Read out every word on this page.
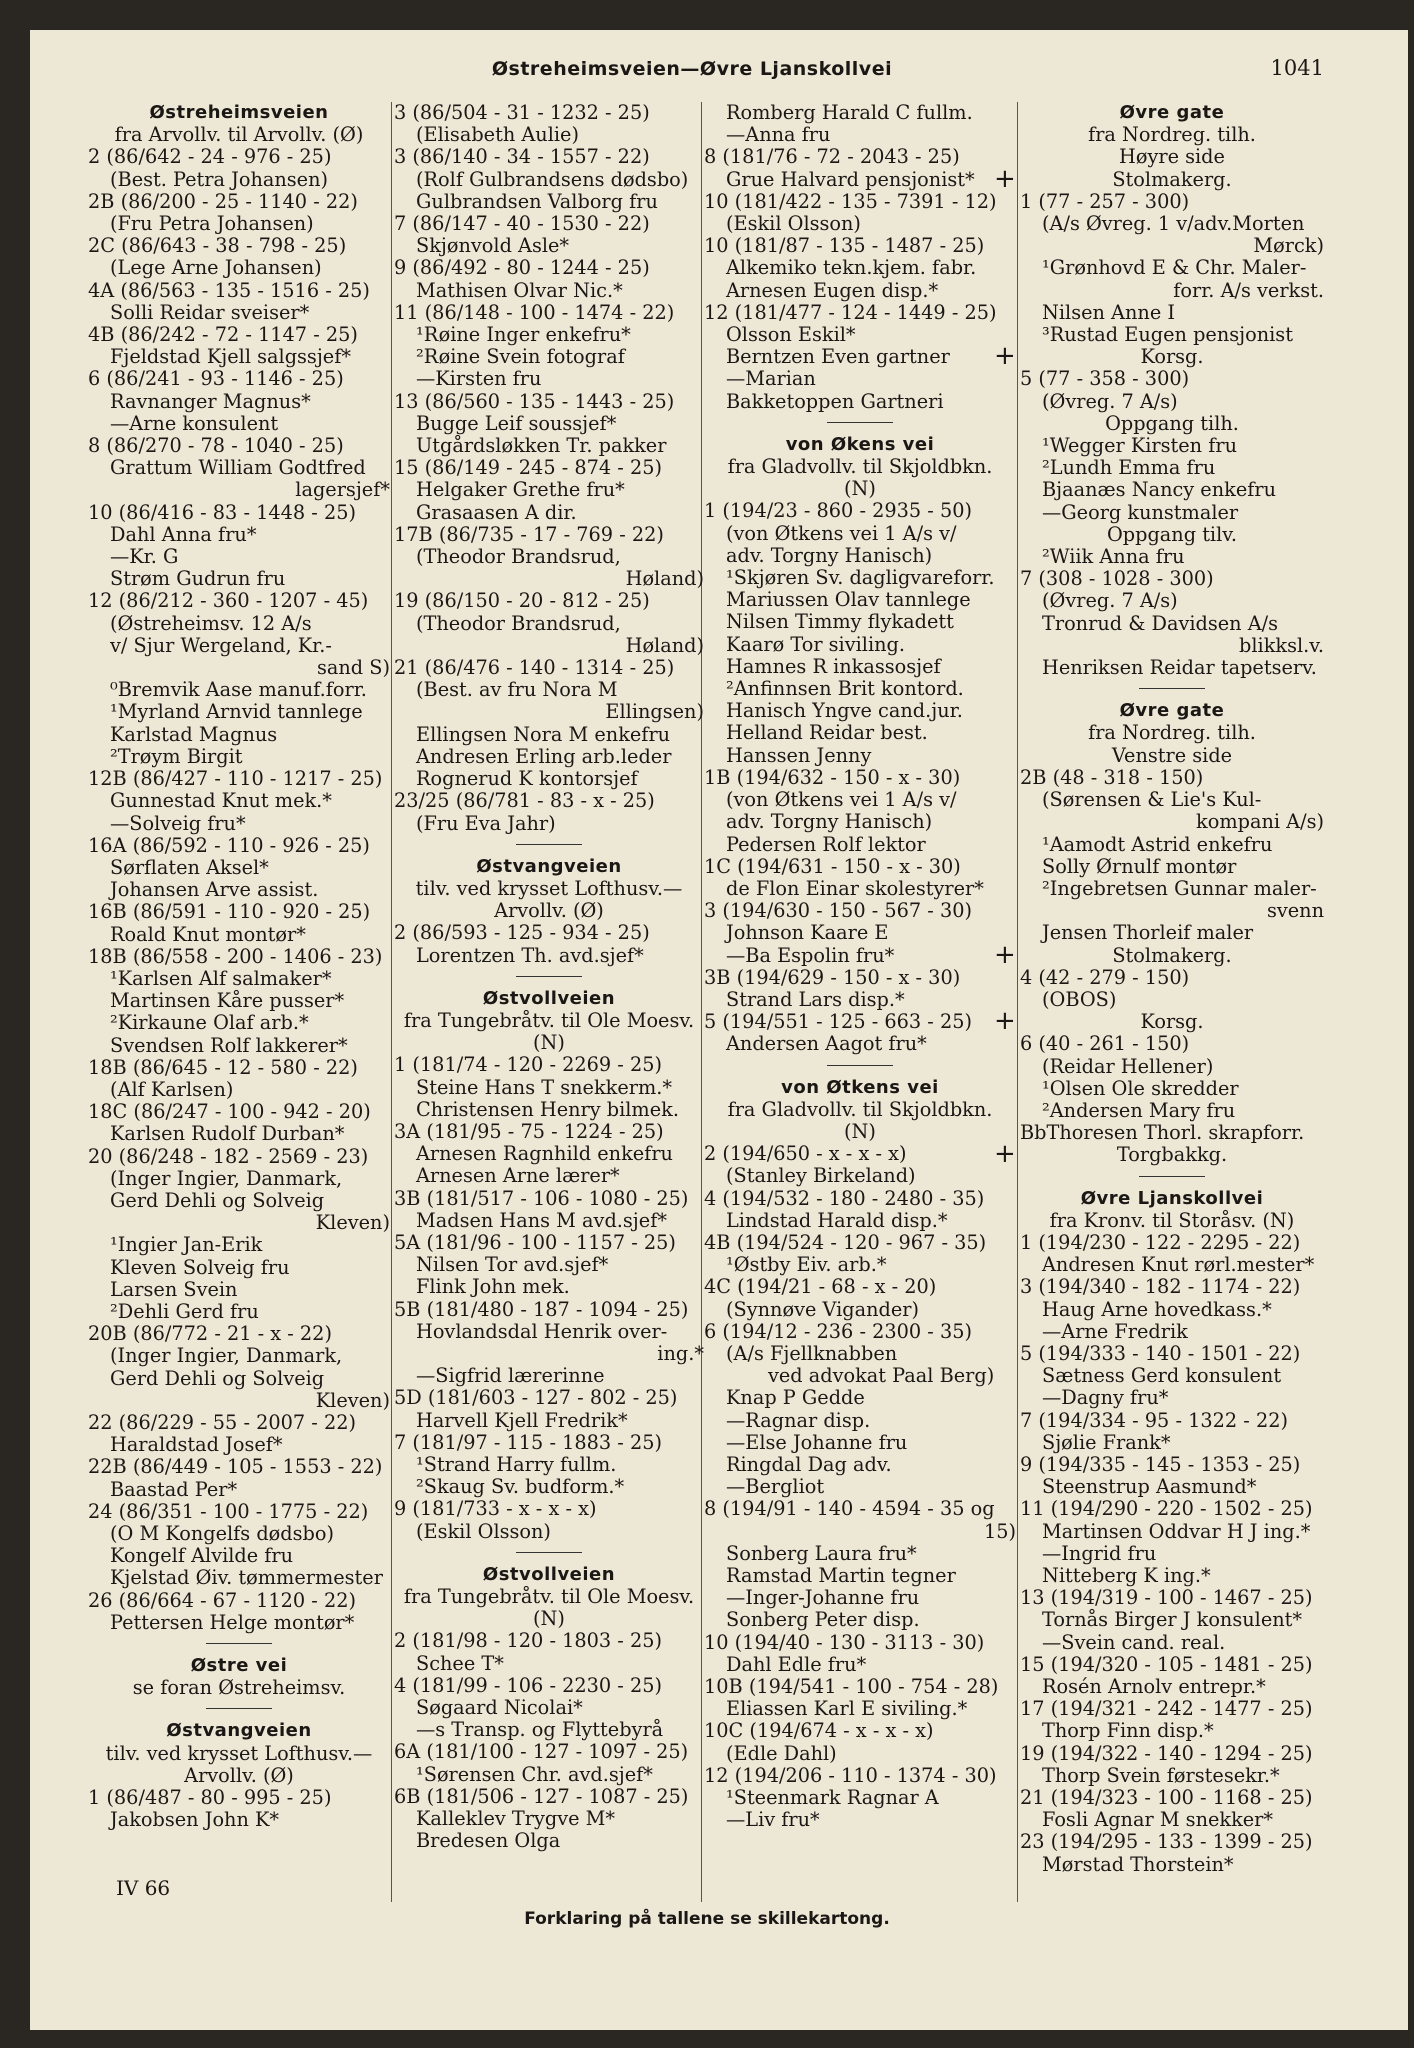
Østreheimsveien—Øvre Ljanskollvei	1041
Østreheimsveien
fra Arvollv. til Arvollv. (Ø)
2 (86/642 - 24 - 976 - 25)
(Best. Petra Johansen)
2B (86/200 - 25 - 1140 - 22)
(Fru Petra Johansen)
2C (86/643 - 38 - 798 - 25)
(Lege Arne Johansen)
4A (86/563 - 135 - 1516 - 25)
Solli Reidar sveiser*
4B (86/242 - 72 - 1147 - 25)
Fjeldstad Kjell salgssjef*
6 (86/241 - 93 - 1146 - 25)
Ravnanger Magnus*
—Arne konsulent
8 (86/270 - 78 - 1040 - 25)
Grattum William Godtfred
lagersjef*
10 (86/416 - 83 - 1448 - 25)
Dahl Anna fru*
—Kr. G
Strøm Gudrun fru
12 (86/212 - 360 - 1207 - 45)
(Østreheimsv. 12 A/s
v/ Sjur Wergeland, Kr.-
sand S)
⁰Bremvik Aase manuf.forr.
¹Myrland Arnvid tannlege
Karlstad Magnus
²Trøym Birgit
12B (86/427 - 110 - 1217 - 25)
Gunnestad Knut mek.*
—Solveig fru*
16A (86/592 - 110 - 926 - 25)
Sørflaten Aksel*
Johansen Arve assist.
16B (86/591 - 110 - 920 - 25)
Roald Knut montør*
18B (86/558 - 200 - 1406 - 23)
¹Karlsen Alf salmaker*
Martinsen Kåre pusser*
²Kirkaune Olaf arb.*
Svendsen Rolf lakkerer*
18B (86/645 - 12 - 580 - 22)
(Alf Karlsen)
18C (86/247 - 100 - 942 - 20)
Karlsen Rudolf Durban*
20 (86/248 - 182 - 2569 - 23)
(Inger Ingier, Danmark,
Gerd Dehli og Solveig
Kleven)
¹Ingier Jan-Erik
Kleven Solveig fru
Larsen Svein
²Dehli Gerd fru
20B (86/772 - 21 - x - 22)
(Inger Ingier, Danmark,
Gerd Dehli og Solveig
Kleven)
22 (86/229 - 55 - 2007 - 22)
Haraldstad Josef*
22B (86/449 - 105 - 1553 - 22)
Baastad Per*
24 (86/351 - 100 - 1775 - 22)
(O M Kongelfs dødsbo)
Kongelf Alvilde fru
Kjelstad Øiv. tømmermester
26 (86/664 - 67 - 1120 - 22)
Pettersen Helge montør*
Østre vei
se foran Østreheimsv.
Østvangveien
tilv. ved krysset Lofthusv.—
Arvollv. (Ø)
1 (86/487 - 80 - 995 - 25)
Jakobsen John K*
3 (86/504 - 31 - 1232 - 25)
(Elisabeth Aulie)
3 (86/140 - 34 - 1557 - 22)
(Rolf Gulbrandsens dødsbo)
Gulbrandsen Valborg fru
7 (86/147 - 40 - 1530 - 22)
Skjønvold Asle*
9 (86/492 - 80 - 1244 - 25)
Mathisen Olvar Nic.*
11 (86/148 - 100 - 1474 - 22)
¹Røine Inger enkefru*
²Røine Svein fotograf
—Kirsten fru
13 (86/560 - 135 - 1443 - 25)
Bugge Leif soussjef*
Utgårdsløkken Tr. pakker
15 (86/149 - 245 - 874 - 25)
Helgaker Grethe fru*
Grasaasen A dir.
17B (86/735 - 17 - 769 - 22)
(Theodor Brandsrud,
Høland)
19 (86/150 - 20 - 812 - 25)
(Theodor Brandsrud,
Høland)
21 (86/476 - 140 - 1314 - 25)
(Best. av fru Nora M
Ellingsen)
Ellingsen Nora M enkefru
Andresen Erling arb.leder
Rognerud K kontorsjef
23/25 (86/781 - 83 - x - 25)
(Fru Eva Jahr)
Østvangveien
tilv. ved krysset Lofthusv.—
Arvollv. (Ø)
2 (86/593 - 125 - 934 - 25)
Lorentzen Th. avd.sjef*
Østvollveien
fra Tungebråtv. til Ole Moesv.
(N)
1 (181/74 - 120 - 2269 - 25)
Steine Hans T snekkerm.*
Christensen Henry bilmek.
3A (181/95 - 75 - 1224 - 25)
Arnesen Ragnhild enkefru
Arnesen Arne lærer*
3B (181/517 - 106 - 1080 - 25)
Madsen Hans M avd.sjef*
5A (181/96 - 100 - 1157 - 25)
Nilsen Tor avd.sjef*
Flink John mek.
5B (181/480 - 187 - 1094 - 25)
Hovlandsdal Henrik over-
ing.*
—Sigfrid lærerinne
5D (181/603 - 127 - 802 - 25)
Harvell Kjell Fredrik*
7 (181/97 - 115 - 1883 - 25)
¹Strand Harry fullm.
²Skaug Sv. budform.*
9 (181/733 - x - x - x)
(Eskil Olsson)
Østvollveien
fra Tungebråtv. til Ole Moesv.
(N)
2 (181/98 - 120 - 1803 - 25)
Schee T*
4 (181/99 - 106 - 2230 - 25)
Søgaard Nicolai*
—s Transp. og Flyttebyrå
6A (181/100 - 127 - 1097 - 25)
¹Sørensen Chr. avd.sjef*
6B (181/506 - 127 - 1087 - 25)
Kalleklev Trygve M*
Bredesen Olga
Romberg Harald C fullm.
—Anna fru
8 (181/76 - 72 - 2043 - 25)
Grue Halvard pensjonist*
10 (181/422 - 135 - 7391 - 12)
(Eskil Olsson)
10 (181/87 - 135 - 1487 - 25)
Alkemiko tekn.kjem. fabr.
Arnesen Eugen disp.*
12 (181/477 - 124 - 1449 - 25)
Olsson Eskil*
Berntzen Even gartner
—Marian
Bakketoppen Gartneri
von Økens vei
fra Gladvollv. til Skjoldbkn.
(N)
1 (194/23 - 860 - 2935 - 50)
(von Øtkens vei 1 A/s v/
adv. Torgny Hanisch)
¹Skjøren Sv. dagligvareforr.
Mariussen Olav tannlege
Nilsen Timmy flykadett
Kaarø Tor siviling.
Hamnes R inkassosjef
²Anfinnsen Brit kontord.
Hanisch Yngve cand.jur.
Helland Reidar best.
Hanssen Jenny
1B (194/632 - 150 - x - 30)
(von Øtkens vei 1 A/s v/
adv. Torgny Hanisch)
Pedersen Rolf lektor
1C (194/631 - 150 - x - 30)
de Flon Einar skolestyrer*
3 (194/630 - 150 - 567 - 30)
Johnson Kaare E
—Ba Espolin fru*
3B (194/629 - 150 - x - 30)
Strand Lars disp.*
5 (194/551 - 125 - 663 - 25)
Andersen Aagot fru*
von Øtkens vei
fra Gladvollv. til Skjoldbkn.
(N)
2 (194/650 - x - x - x)
(Stanley Birkeland)
4 (194/532 - 180 - 2480 - 35)
Lindstad Harald disp.*
4B (194/524 - 120 - 967 - 35)
¹Østby Eiv. arb.*
4C (194/21 - 68 - x - 20)
(Synnøve Vigander)
6 (194/12 - 236 - 2300 - 35)
(A/s Fjellknabben
ved advokat Paal Berg)
Knap P Gedde
—Ragnar disp.
—Else Johanne fru
Ringdal Dag adv.
—Bergliot
8 (194/91 - 140 - 4594 - 35 og
15)
Sonberg Laura fru*
Ramstad Martin tegner
—Inger-Johanne fru
Sonberg Peter disp.
10 (194/40 - 130 - 3113 - 30)
Dahl Edle fru*
10B (194/541 - 100 - 754 - 28)
Eliassen Karl E siviling.*
10C (194/674 - x - x - x)
(Edle Dahl)
12 (194/206 - 110 - 1374 - 30)
¹Steenmark Ragnar A
—Liv fru*
Øvre gate
fra Nordreg. tilh.
Høyre side
Stolmakerg.
+
1 (77 - 257 - 300)
(A/s Øvreg. 1 v/adv.Morten
Mørck)
¹Grønhovd E & Chr. Maler-
forr. A/s verkst.
Nilsen Anne I
³Rustad Eugen pensjonist
Korsg.
+
5 (77 - 358 - 300)
(Øvreg. 7 A/s)
Oppgang tilh.
¹Wegger Kirsten fru
²Lundh Emma fru
Bjaanæs Nancy enkefru
—Georg kunstmaler
Oppgang tilv.
²Wiik Anna fru
7 (308 - 1028 - 300)
(Øvreg. 7 A/s)
Tronrud & Davidsen A/s
blikksl.v.
Henriksen Reidar tapetserv.
Øvre gate
fra Nordreg. tilh.
Venstre side
2B (48 - 318 - 150)
(Sørensen & Lie's Kul-
kompani A/s)
¹Aamodt Astrid enkefru
Solly Ørnulf montør
²Ingebretsen Gunnar maler-
svenn
Jensen Thorleif maler
Stolmakerg.
+
4 (42 - 279 - 150)
(OBOS)
Korsg.
+
6 (40 - 261 - 150)
(Reidar Hellener)
¹Olsen Ole skredder
²Andersen Mary fru
BbThoresen Thorl. skrapforr.
Torgbakkg.
+
Øvre Ljanskollvei
fra Kronv. til Storåsv. (N)
1 (194/230 - 122 - 2295 - 22)
Andresen Knut rørl.mester*
3 (194/340 - 182 - 1174 - 22)
Haug Arne hovedkass.*
—Arne Fredrik
5 (194/333 - 140 - 1501 - 22)
Sætness Gerd konsulent
—Dagny fru*
7 (194/334 - 95 - 1322 - 22)
Sjølie Frank*
9 (194/335 - 145 - 1353 - 25)
Steenstrup Aasmund*
11 (194/290 - 220 - 1502 - 25)
Martinsen Oddvar H J ing.*
—Ingrid fru
Nitteberg K ing.*
13 (194/319 - 100 - 1467 - 25)
Tornås Birger J konsulent*
—Svein cand. real.
15 (194/320 - 105 - 1481 - 25)
Rosén Arnolv entrepr.*
17 (194/321 - 242 - 1477 - 25)
Thorp Finn disp.*
19 (194/322 - 140 - 1294 - 25)
Thorp Svein førstesekr.*
21 (194/323 - 100 - 1168 - 25)
Fosli Agnar M snekker*
23 (194/295 - 133 - 1399 - 25)
Mørstad Thorstein*
IV 66
Forklaring på tallene se skillekartong.
